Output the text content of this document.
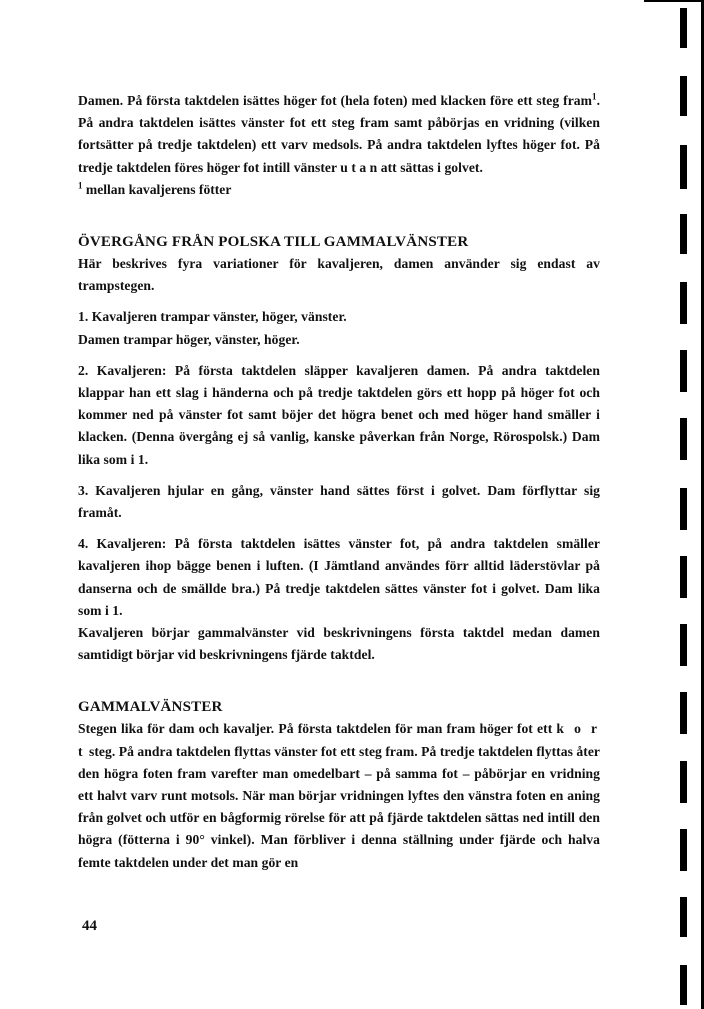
Damen. På första taktdelen isättes höger fot (hela foten) med klacken före ett steg fram$^1$. På andra taktdelen isättes vänster fot ett steg fram samt påbörjas en vridning (vilken fortsätter på tredje taktdelen) ett varv medsols. På andra taktdelen lyftes höger fot. På tredje taktdelen föres höger fot intill vänster u t a n att sättas i golvet.

$^1$ mellan kavaljerens fötter

ÖVERGÅNG FRÅN POLSKA TILL GAMMALVÄNSTER

Här beskrives fyra variationer för kavaljeren, damen använder sig endast av trampstegen.

1. Kavaljeren trampar vänster, höger, vänster.

Damen trampar höger, vänster, höger.

2. Kavaljeren: På första taktdelen släpper kavaljeren damen. På andra taktdelen klappar han ett slag i händerna och på tredje taktdelen görs ett hopp på höger fot och kommer ned på vänster fot samt böjer det högra benet och med höger hand smäller i klacken. (Denna övergång ej så vanlig, kanske påverkan från Norge, Rörospolsk.) Dam lika som i 1.

3. Kavaljeren hjular en gång, vänster hand sättes först i golvet. Dam förflyttar sig framåt.

4. Kavaljeren: På första taktdelen isättes vänster fot, på andra taktdelen smäller kavaljeren ihop bägge benen i luften. (I Jämtland användes förr alltid läderstövlar på danserna och de smällde bra.) På tredje taktdelen sättes vänster fot i golvet. Dam lika som i 1.

Kavaljeren börjar gammalvänster vid beskrivningens första taktdel medan damen samtidigt börjar vid beskrivningens fjärde taktdel.

GAMMALVÄNSTER

Stegen lika för dam och kavaljer. På första taktdelen för man fram höger fot ett k o r t steg. På andra taktdelen flyttas vänster fot ett steg fram. På tredje taktdelen flyttas åter den högra foten fram varefter man omedelbart – på samma fot – påbörjar en vridning ett halvt varv runt motsols. När man börjar vridningen lyftes den vänstra foten en aning från golvet och utför en bågformig rörelse för att på fjärde taktdelen sättas ned intill den högra (fötterna i 90° vinkel). Man förbliver i denna ställning under fjärde och halva femte taktdelen under det man gör en

44
